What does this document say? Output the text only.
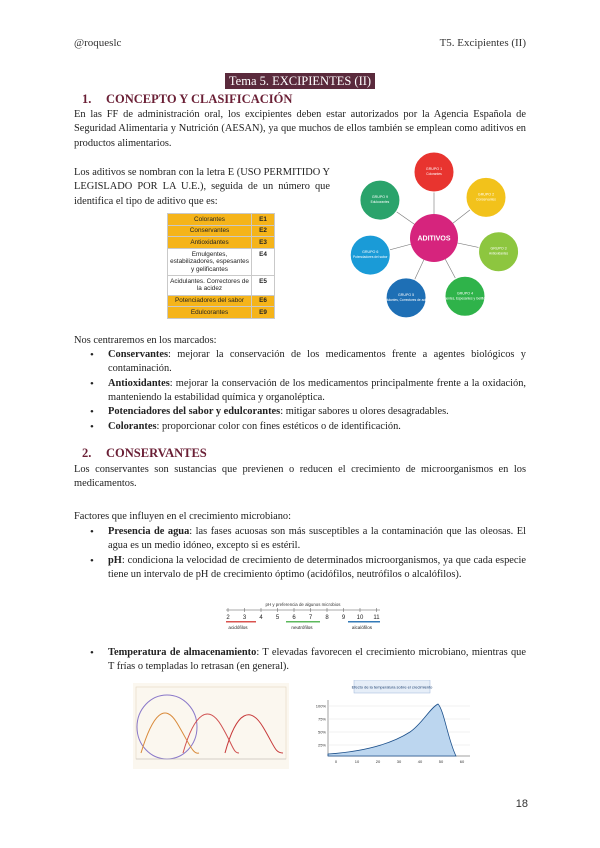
@roqueslc	T5. Excipientes (II)
Tema 5. EXCIPIENTES (II)
1. CONCEPTO Y CLASIFICACIÓN
En las FF de administración oral, los excipientes deben estar autorizados por la Agencia Española de Seguridad Alimentaria y Nutrición (AESAN), ya que muchos de ellos también se emplean como aditivos en productos alimentarios.
Los aditivos se nombran con la letra E (USO PERMITIDO Y LEGISLADO POR LA U.E.), seguida de un número que identifica el tipo de aditivo que es:
Colorantes	E1
Conservantes	E2
Antioxidantes	E3
Emulgentes, estabilizadores, espesantes y gelificantes	E4
Acidulantes. Correctores de la acidez	E5
Potenciadores del sabor	E6
Edulcorantes	E9
ADITIVOS
GRUPO 1
Colorantes
GRUPO 2
Conservantes
GRUPO 3
Antioxidantes
GRUPO 4
Emulgentes, Espesantes y Gelificantes
GRUPO 5
Acidulantes, Correctores de acidez
GRUPO 6
Potenciadores del sabor
GRUPO 9
Edulcorantes
Nos centraremos en los marcados:
• Conservantes: mejorar la conservación de los medicamentos frente a agentes biológicos y contaminación.
• Antioxidantes: mejorar la conservación de los medicamentos principalmente frente a la oxidación, manteniendo la estabilidad química y organoléptica.
• Potenciadores del sabor y edulcorantes: mitigar sabores u olores desagradables.
• Colorantes: proporcionar color con fines estéticos o de identificación.
2. CONSERVANTES
Los conservantes son sustancias que previenen o reducen el crecimiento de microorganismos en los medicamentos.
Factores que influyen en el crecimiento microbiano:
• Presencia de agua: las fases acuosas son más susceptibles a la contaminación que las oleosas. El agua es un medio idóneo, excepto si es estéril.
• pH: condiciona la velocidad de crecimiento de determinados microorganismos, ya que cada especie tiene un intervalo de pH de crecimiento óptimo (acidófilos, neutrófilos o alcalófilos).
pH y preferencia de algunos microbios
2 3 4 5 6 7 8 9 10 11
acidófilos	neutrófilos	alcalófilos
• Temperatura de almacenamiento: T elevadas favorecen el crecimiento microbiano, mientras que T frías o templadas lo retrasan (en general).
Efecto de la temperatura sobre el crecimiento
100%
75%
50%
25%
0	10	20	30	40	50	60
18
